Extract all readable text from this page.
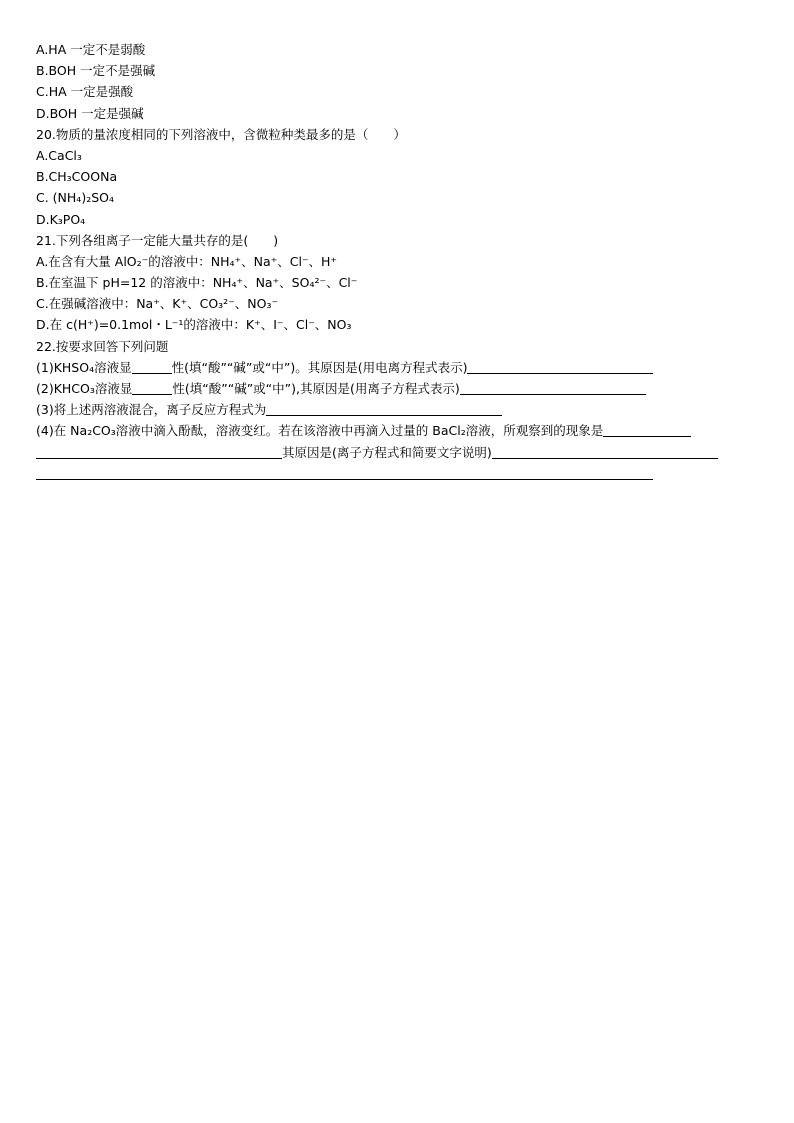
A.HA 一定不是弱酸
B.BOH 一定不是强碱
C.HA 一定是强酸
D.BOH 一定是强碱
20.物质的量浓度相同的下列溶液中，含微粒种类最多的是（　　）
A.CaCl₃
B.CH₃COONa
C. (NH₄)₂SO₄
D.K₃PO₄
21.下列各组离子一定能大量共存的是(　　)
A.在含有大量 AlO₂⁻的溶液中：NH₄⁺、Na⁺、Cl⁻、H⁺
B.在室温下 pH=12 的溶液中：NH₄⁺、Na⁺、SO₄²⁻、Cl⁻
C.在强碱溶液中：Na⁺、K⁺、CO₃²⁻、NO₃⁻
D.在 c(H⁺)=0.1mol・L⁻¹的溶液中：K⁺、I⁻、Cl⁻、NO₃
22.按要求回答下列问题
(1)KHSO₄溶液显	性(填“酸”“碱”或“中”)。其原因是(用电离方程式表示)
(2)KHCO₃溶液显	性(填“酸”“碱”或“中”),其原因是(用离子方程式表示)
(3)将上述两溶液混合，离子反应方程式为
(4)在 Na₂CO₃溶液中滴入酚酞，溶液变红。若在该溶液中再滴入过量的 BaCl₂溶液，所观察到的现象是
其原因是(离子方程式和简要文字说明)
